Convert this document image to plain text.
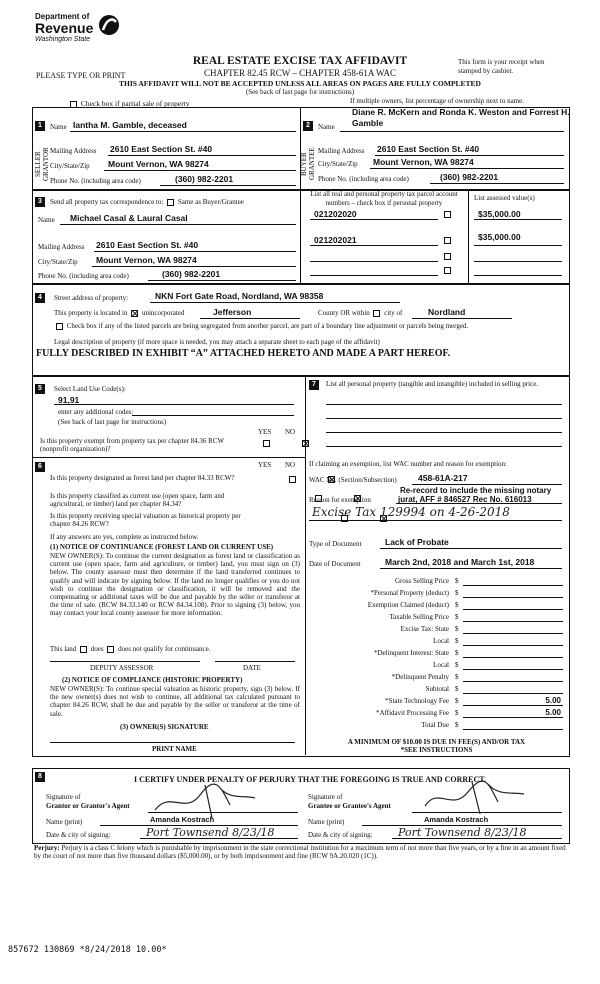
Department of
Revenue
Washington State
REAL ESTATE EXCISE TAX AFFIDAVIT
CHAPTER 82.45 RCW – CHAPTER 458-61A WAC
This form is your receipt when stamped by cashier.
PLEASE TYPE OR PRINT
THIS AFFIDAVIT WILL NOT BE ACCEPTED UNLESS ALL AREAS ON PAGES ARE FULLY COMPLETED
(See back of last page for instructions)
Check box if partial sale of property	If multiple owners, list percentage of ownership next to name.
1
SELLER GRANTOR
Name Iantha M. Gamble, deceased
Mailing Address 2610 East Section St. #40
City/State/Zip Mount Vernon, WA 98274
Phone No. (including area code)	(360) 982-2201
Diane R. McKern and Ronda K. Weston and Forrest H.
2
BUYER GRANTEE
Name Gamble
Mailing Address 2610 East Section St. #40
City/State/Zip Mount Vernon, WA 98274
Phone No. (including area code)	(360) 982-2201
3	Send all property tax correspondence to: Same as Buyer/Grantee
Name Michael Casal & Laural Casal
Mailing Address 2610 East Section St. #40
City/State/Zip Mount Vernon, WA 98274
Phone No. (including area code)	(360) 982-2201
List all real and personal property tax parcel account numbers – check box if personal property
List assessed value(s)
021202020	$35,000.00
021202021	$35,000.00
4	Street address of property:	NKN Fort Gate Road, Nordland, WA 98358
This property is located in unincorporated	Jefferson	County OR within city of	Nordland
Check box if any of the listed parcels are being segregated from another parcel, are part of a boundary line adjustment or parcels being merged.
Legal description of property (if more space is needed, you may attach a separate sheet to each page of the affidavit)
FULLY DESCRIBED IN EXHIBIT “A” ATTACHED HERETO AND MADE A PART HEREOF.
5	Select Land Use Code(s):
91,91
enter any additional codes:
(See back of last page for instructions)
YES NO
Is this property exempt from property tax per chapter 84.36 RCW (nonprofit organization)?

6	YES NO
Is this property designated as forest land per chapter 84.33 RCW?

Is this property classified as current use (open space, farm and agricultural, or timber) land per chapter 84.34?

Is this property receiving special valuation as historical property per chapter 84.26 RCW?

If any answers are yes, complete as instructed below.
(1) NOTICE OF CONTINUANCE (FOREST LAND OR CURRENT USE)
NEW OWNER(S): To continue the current designation as forest land or classification as current use (open space, farm and agriculture, or timber) land, you must sign on (3) below. The county assessor must then determine if the land transferred continues to qualify and will indicate by signing below. If the land no longer qualifies or you do not wish to continue the designation or classification, it will be removed and the compensating or additional taxes will be due and payable by the seller or transferor at the time of sale. (RCW 84.33.140 or RCW 84.34.108). Prior to signing (3) below, you may contact your local county assessor for more information.
This land does does not qualify for continuance.
DEPUTY ASSESSOR	DATE
(2) NOTICE OF COMPLIANCE (HISTORIC PROPERTY)
NEW OWNER(S): To continue special valuation as historic property, sign (3) below. If the new owner(s) does not wish to continue, all additional tax calculated pursuant to chapter 84.26 RCW, shall be due and payable by the seller or transferor at the time of sale.
(3) OWNER(S) SIGNATURE
PRINT NAME
7	List all personal property (tangible and intangible) included in selling price.
If claiming an exemption, list WAC number and reason for exemption:
WAC No. (Section/Subsection)	458-61A-217
Re-record to include the missing notary
Reason for exemption	jurat, AFF # 846527 Rec No. 616013
Excise Tax 129994 on 4-26-2018
Type of Document	Lack of Probate
Date of Document	March 2nd, 2018 and March 1st, 2018
Gross Selling Price $
*Personal Property (deduct) $
Exemption Claimed (deduct) $
Taxable Selling Price $
Excise Tax: State $
Local $
*Delinquent Interest: State $
Local $
*Delinquent Penalty $
Subtotal $
*State Technology Fee $	5.00
*Affidavit Processing Fee $	5.00
Total Due $
A MINIMUM OF $10.00 IS DUE IN FEE(S) AND/OR TAX
*SEE INSTRUCTIONS
8	I CERTIFY UNDER PENALTY OF PERJURY THAT THE FOREGOING IS TRUE AND CORRECT.
Signature of
Grantor or Grantor's Agent
Name (print)	Amanda Kostrach
Date & city of signing:	Port Townsend 8/23/18
Signature of
Grantee or Grantee's Agent
Name (print)	Amanda Kostrach
Date & city of signing: Port Townsend 8/23/18
Perjury: Perjury is a class C felony which is punishable by imprisonment in the state correctional institution for a maximum term of not more than five years, or by a fine in an amount fixed by the court of not more than five thousand dollars ($5,000.00), or by both imprisonment and fine (RCW 9A.20.020 (1C)).
857672 130869 *8/24/2018 10.00*
